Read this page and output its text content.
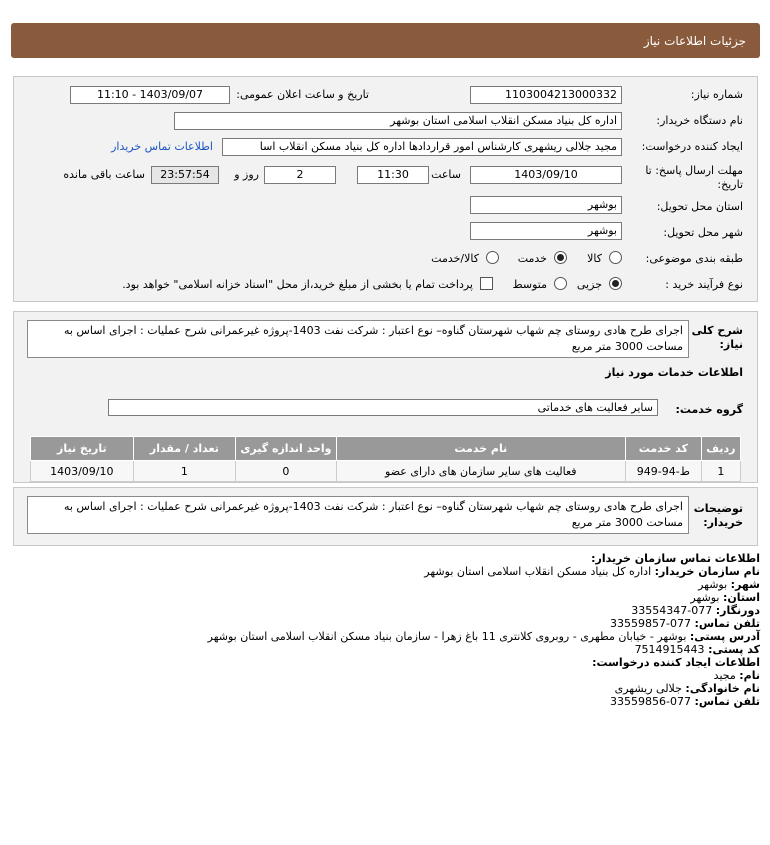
جزئیات اطلاعات نیاز
شماره نیاز:
1103004213000332
تاریخ و ساعت اعلان عمومی:
1403/09/07 - 11:10
نام دستگاه خریدار:
اداره کل بنیاد مسکن انقلاب اسلامی استان بوشهر
ایجاد کننده درخواست:
مجید جلالی ریشهری کارشناس امور قراردادها اداره کل بنیاد مسکن انقلاب اسا
اطلاعات تماس خریدار
مهلت ارسال پاسخ: تا
تاریخ:
1403/09/10
ساعت
11:30
2
روز و
23:57:54
ساعت باقی مانده
استان محل تحویل:
بوشهر
شهر محل تحویل:
بوشهر
طبقه بندی موضوعی:
کالا
خدمت
کالا/خدمت
نوع فرآیند خرید :
جزیی
متوسط
پرداخت تمام یا بخشی از مبلغ خرید،از محل "اسناد خزانه اسلامی" خواهد بود.
شرح کلی
نیاز:
اجرای طرح هادی روستای چم شهاب شهرستان گناوه– نوع اعتبار : شرکت نفت 1403-پروژه غیرعمرانی شرح عملیات : اجرای اساس به مساحت 3000 متر مربع
اطلاعات خدمات مورد نیاز
گروه خدمت:
سایر فعالیت های خدماتی
ردیف	کد خدمت	نام خدمت	واحد اندازه گیری	تعداد / مقدار	تاریخ نیاز
1	ط-94-949	فعالیت های سایر سازمان های دارای عضو	0	1	1403/09/10
توضیحات
خریدار:
اجرای طرح هادی روستای چم شهاب شهرستان گناوه– نوع اعتبار : شرکت نفت 1403-پروژه غیرعمرانی شرح عملیات : اجرای اساس به مساحت 3000 متر مربع
اطلاعات تماس سازمان خریدار:
نام سازمان خریدار: اداره کل بنیاد مسکن انقلاب اسلامی استان بوشهر
شهر: بوشهر
استان: بوشهر
دورنگار: 077-33554347
تلفن تماس: 077-33559857
آدرس پستی: بوشهر - خیابان مطهری - روبروی کلانتری 11 باغ زهرا - سازمان بنیاد مسکن انقلاب اسلامی استان بوشهر
کد پستی: 7514915443
اطلاعات ایجاد کننده درخواست:
نام: مجید
نام خانوادگی: جلالی ریشهری
تلفن تماس: 077-33559856
